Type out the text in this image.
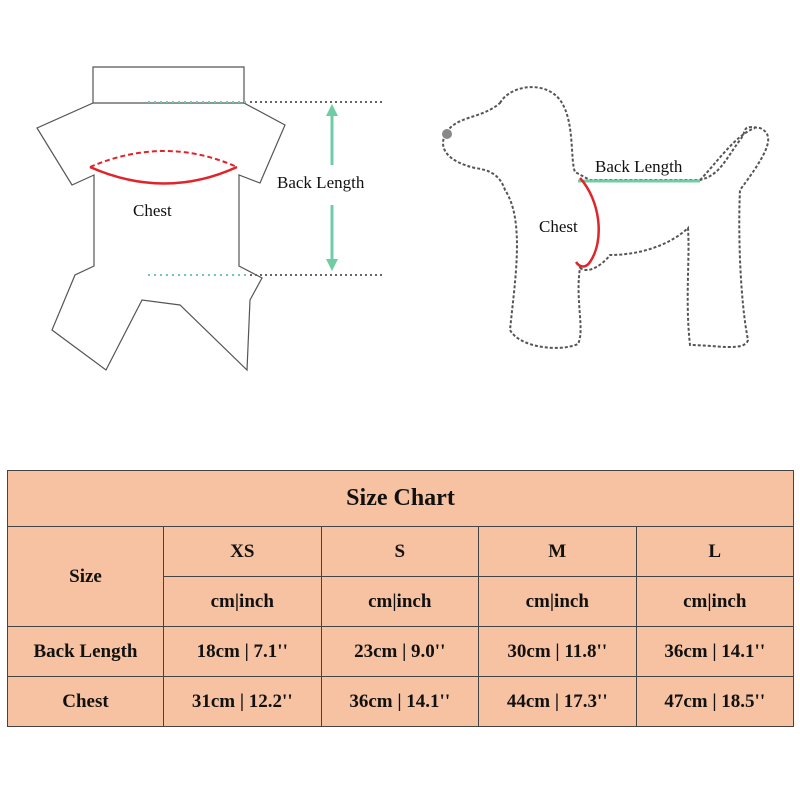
Chest
Back Length
Chest
Back Length
Size Chart				
Size	XS	S	M	L
	cm|inch	cm|inch	cm|inch	cm|inch
Back Length	18cm | 7.1''	23cm | 9.0''	30cm | 11.8''	36cm | 14.1''
Chest	31cm | 12.2''	36cm | 14.1''	44cm | 17.3''	47cm | 18.5''
